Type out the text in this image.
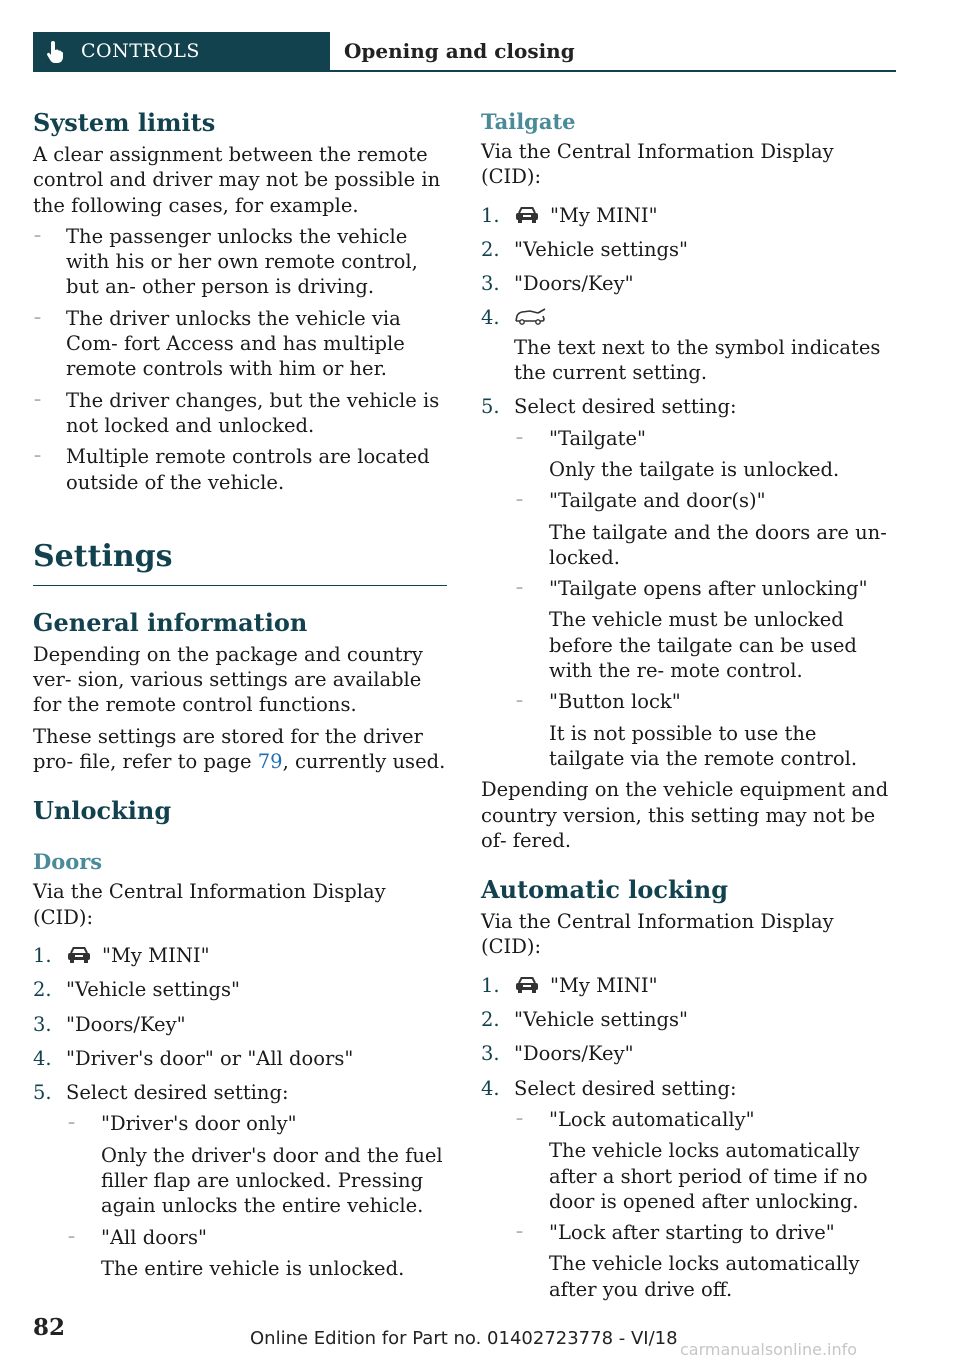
CONTROLS	Opening and closing
System limits

A clear assignment between the remote control and driver may not be possible in the following cases, for example.

– The passenger unlocks the vehicle with his or her own remote control, but an‐ other person is driving.

– The driver unlocks the vehicle via Com‐ fort Access and has multiple remote controls with him or her.

– The driver changes, but the vehicle is not locked and unlocked.

– Multiple remote controls are located outside of the vehicle.

Settings
General information

Depending on the package and country ver‐ sion, various settings are available for the remote control functions.

These settings are stored for the driver pro‐ file, refer to page 79, currently used.

Unlocking
Doors

Via the Central Information Display (CID):

1.	"My MINI"
2. "Vehicle settings"
3. "Doors/Key"
4. "Driver's door" or "All doors"
5. Select desired setting:

– "Driver's door only"

Only the driver's door and the fuel filler flap are unlocked. Pressing again unlocks the entire vehicle.

– "All doors"

The entire vehicle is unlocked.

Tailgate

Via the Central Information Display (CID):

1.	"My MINI"
2. "Vehicle settings"
3. "Doors/Key"
4.

The text next to the symbol indicates the current setting.

5. Select desired setting:

– "Tailgate"

Only the tailgate is unlocked.

– "Tailgate and door(s)"

The tailgate and the doors are un‐ locked.

– "Tailgate opens after unlocking"

The vehicle must be unlocked before the tailgate can be used with the re‐ mote control.

– "Button lock"

It is not possible to use the tailgate via the remote control.

Depending on the vehicle equipment and country version, this setting may not be of‐ fered.

Automatic locking

Via the Central Information Display (CID):

1.	"My MINI"
2. "Vehicle settings"
3. "Doors/Key"
4. Select desired setting:

– "Lock automatically"

The vehicle locks automatically after a short period of time if no door is opened after unlocking.

– "Lock after starting to drive"

The vehicle locks automatically after you drive off.

82	Online Edition for Part no. 01402723778 - VI/18
carmanualsonline.info
